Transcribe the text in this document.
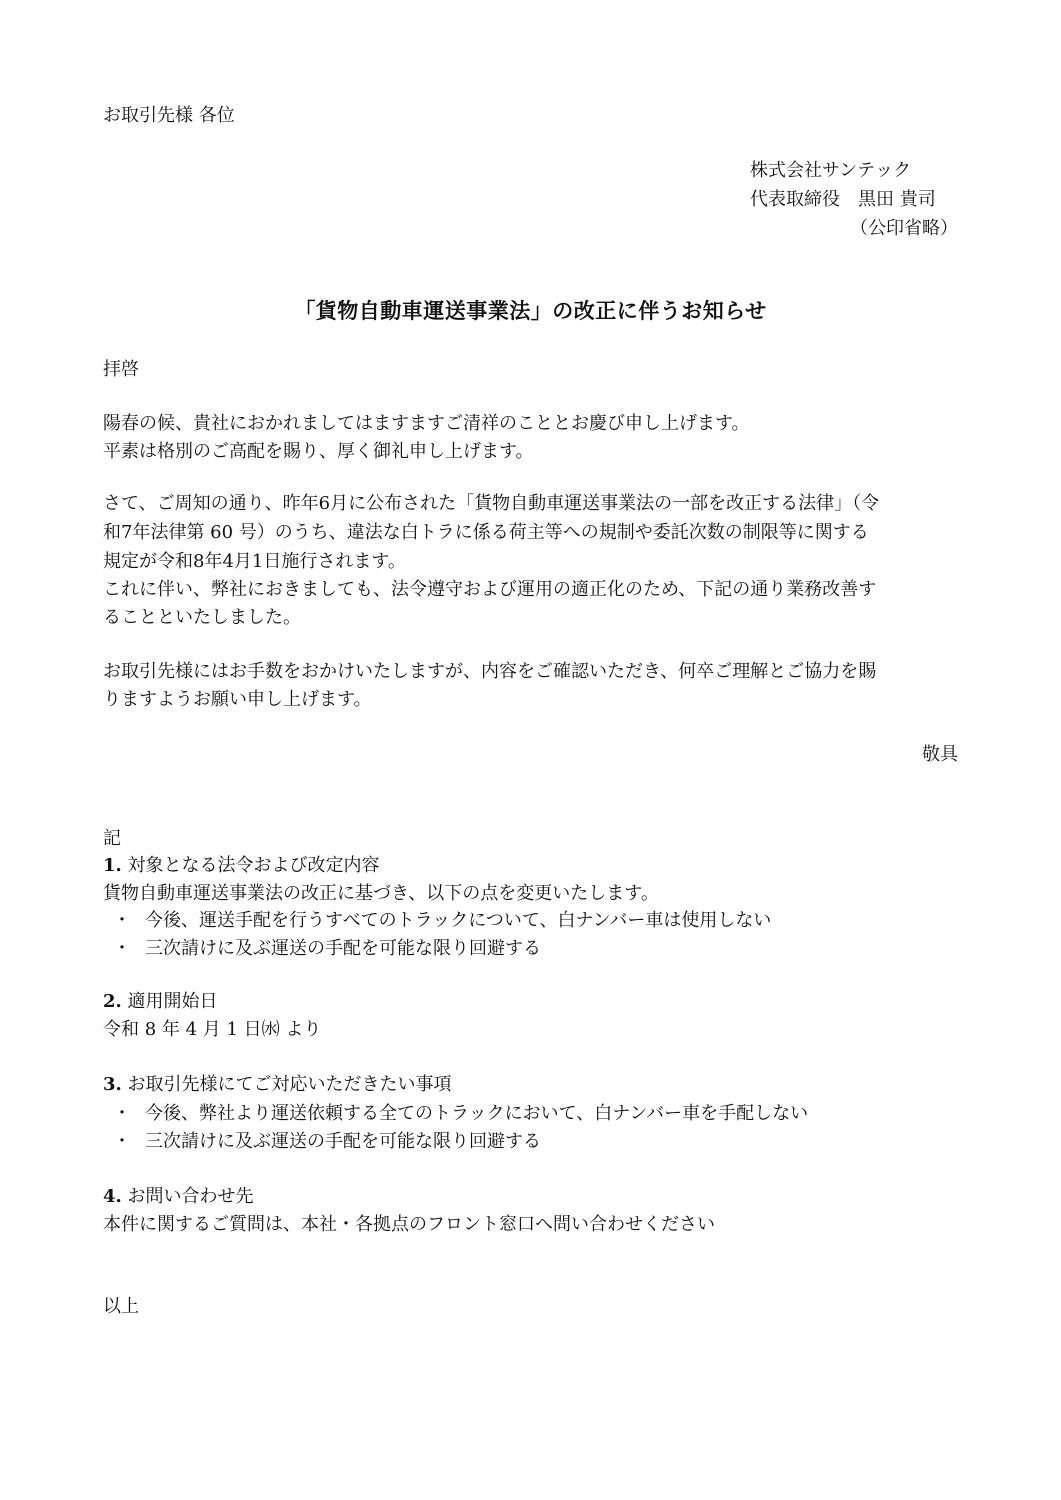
お取引先様 各位
株式会社サンテック
代表取締役　黒田 貴司
（公印省略）
「貨物自動車運送事業法」の改正に伴うお知らせ
拝啓
陽春の候、貴社におかれましてはますますご清祥のこととお慶び申し上げます。
平素は格別のご高配を賜り、厚く御礼申し上げます。
さて、ご周知の通り、昨年6月に公布された「貨物自動車運送事業法の一部を改正する法律」（令
和7年法律第 60 号）のうち、違法な白トラに係る荷主等への規制や委託次数の制限等に関する
規定が令和8年4月1日施行されます。
これに伴い、弊社におきましても、法令遵守および運用の適正化のため、下記の通り業務改善す
ることといたしました。
お取引先様にはお手数をおかけいたしますが、内容をご確認いただき、何卒ご理解とご協力を賜
りますようお願い申し上げます。
敬具
記
1. 対象となる法令および改定内容
貨物自動車運送事業法の改正に基づき、以下の点を変更いたします。
・ 今後、運送手配を行うすべてのトラックについて、白ナンバー車は使用しない
・ 三次請けに及ぶ運送の手配を可能な限り回避する
2. 適用開始日
令和 8 年 4 月 1 日㈬ より
3. お取引先様にてご対応いただきたい事項
・ 今後、弊社より運送依頼する全てのトラックにおいて、白ナンバー車を手配しない
・ 三次請けに及ぶ運送の手配を可能な限り回避する
4. お問い合わせ先
本件に関するご質問は、本社・各拠点のフロント窓口へ問い合わせください
以上
